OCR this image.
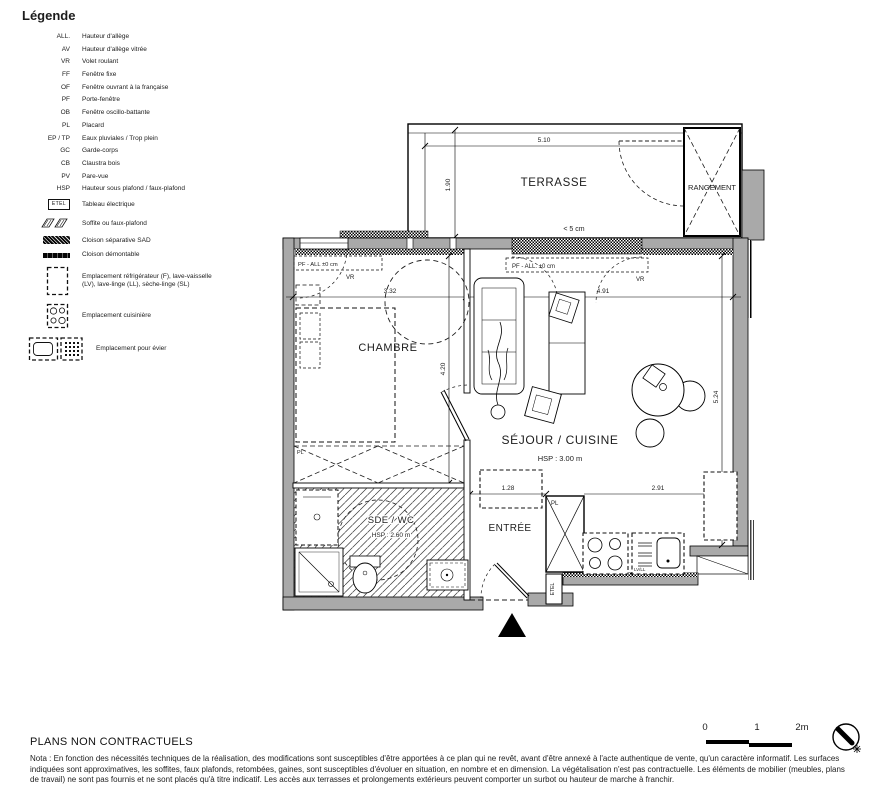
Légende
ALL. Hauteur d'allège
AV Hauteur d'allège vitrée
VR Volet roulant
FF Fenêtre fixe
OF Fenêtre ouvrant à la française
PF Porte-fenêtre
OB Fenêtre oscillo-battante
PL Placard
EP / TP Eaux pluviales / Trop plein
GC Garde-corps
CB Claustra bois
PV Pare-vue
HSP Hauteur sous plafond / faux-plafond
ETEL	Tableau électrique
Soffite ou faux-plafond
Cloison séparative SAD
Cloison démontable
Emplacement réfrigérateur (F), lave-vaisselle (LV), lave-linge (LL), sèche-linge (SL)
Emplacement cuisinière
Emplacement pour évier
5.10
1.90	TERRASSE
< 5 cm
RANGEMENT
3.32	4.91
4.20
5.24
1.28	2.91
PL
SDE / WC
HSP : 2.60 m
ENTRÉE
PL
ETEL
PF - ALL ±0 cm
VR
CHAMBRE
PF - ALL. ±0 cm
VR
SÉJOUR / CUISINE
HSP : 3.00 m
LV/LL
0	1	2m
PLANS NON CONTRACTUELS
Nota : En fonction des nécessités techniques de la réalisation, des modifications sont susceptibles d'être apportées à ce plan qui ne revêt, avant d'être annexé à l'acte authentique de vente, qu'un caractère informatif. Les surfaces indiquées sont approximatives, les soffites, faux plafonds, retombées, gaines, sont susceptibles d'évoluer en situation, en nombre et en dimension. La végétalisation n'est pas contractuelle. Les éléments de mobilier (meubles, plans de travail) ne sont pas fournis et ne sont placés qu'à titre indicatif. Les accès aux terrasses et prolongements extérieurs peuvent comporter un surbot ou hauteur de marche à franchir.
